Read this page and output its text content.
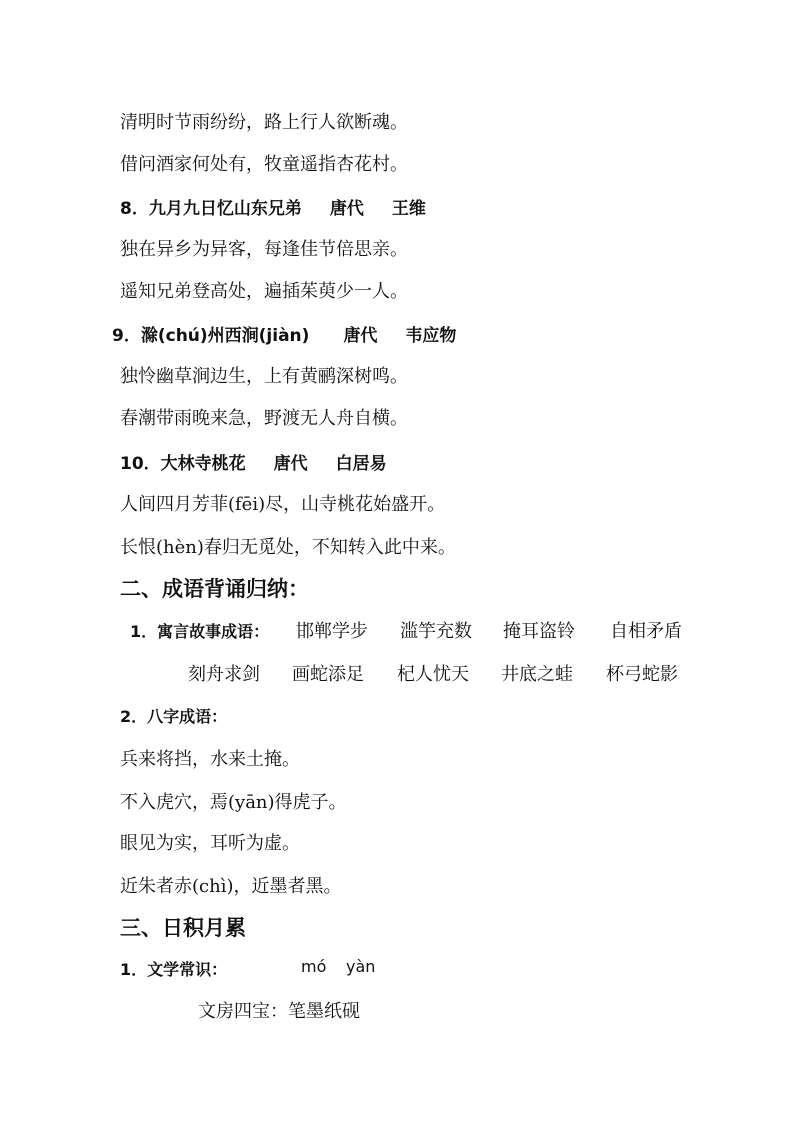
清明时节雨纷纷，路上行人欲断魂。
借问酒家何处有，牧童遥指杏花村。
8．九月九日忆山东兄弟 唐代 王维
独在异乡为异客，每逢佳节倍思亲。
遥知兄弟登高处，遍插茱萸少一人。
9．滁(chú)州西涧(jiàn) 唐代 韦应物
独怜幽草涧边生，上有黄鹂深树鸣。
春潮带雨晚来急，野渡无人舟自横。
10．大林寺桃花 唐代 白居易
人间四月芳菲(fēi)尽，山寺桃花始盛开。
长恨(hèn)春归无觅处，不知转入此中来。
二、成语背诵归纳：
1．寓言故事成语： 邯郸学步 滥竽充数 掩耳盗铃 自相矛盾
刻舟求剑 画蛇添足 杞人忧天 井底之蛙 杯弓蛇影
2．八字成语：
兵来将挡，水来土掩。
不入虎穴，焉(yān)得虎子。
眼见为实，耳听为虚。
近朱者赤(chì)，近墨者黑。
三、日积月累
1．文学常识：	mó yàn
文房四宝：笔墨纸砚
